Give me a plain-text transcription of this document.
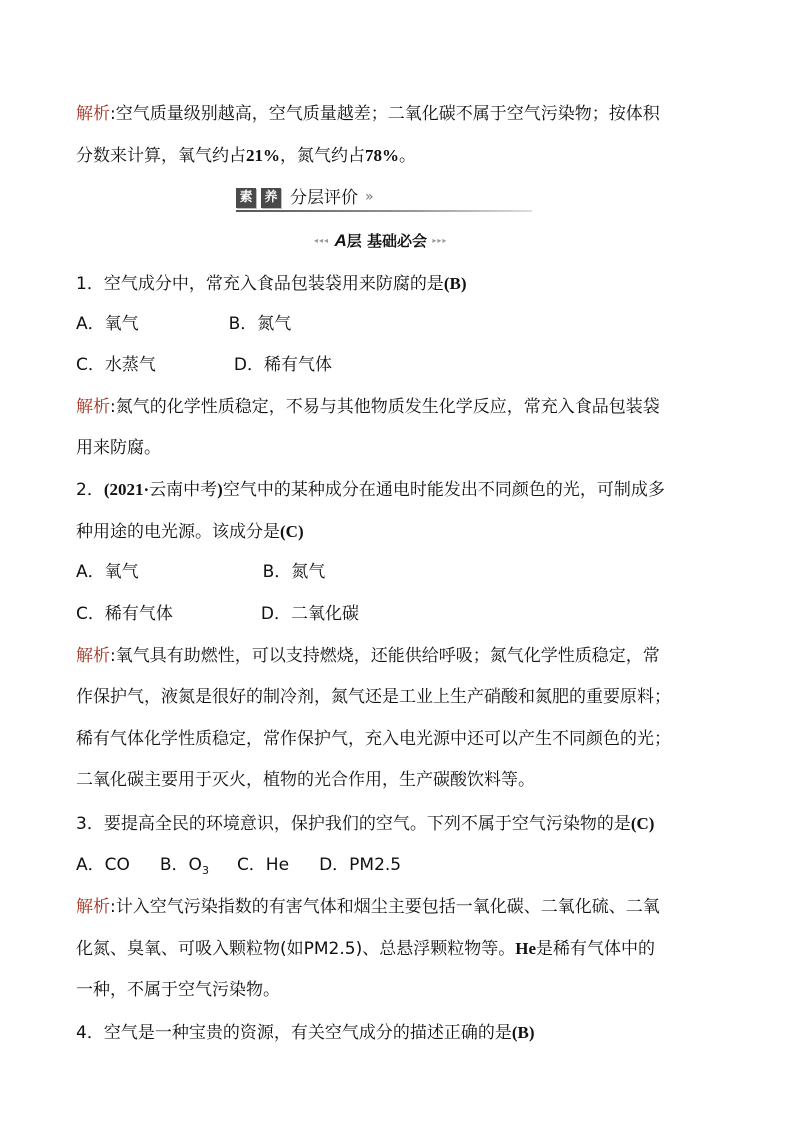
解析:空气质量级别越高，空气质量越差；二氧化碳不属于空气污染物；按体积
分数来计算，氧气约占21%，氮气约占78%。
素 养 分层评价 »
◂◂◂ A层 基础必会 ▸▸▸
1．空气成分中，常充入食品包装袋用来防腐的是(B)
A．氧气	B．氮气
C．水蒸气	D．稀有气体
解析:氮气的化学性质稳定，不易与其他物质发生化学反应，常充入食品包装袋
用来防腐。
2．(2021·云南中考)空气中的某种成分在通电时能发出不同颜色的光，可制成多
种用途的电光源。该成分是(C)
A．氧气	B．氮气
C．稀有气体	D．二氧化碳
解析:氧气具有助燃性，可以支持燃烧，还能供给呼吸；氮气化学性质稳定，常
作保护气，液氮是很好的制冷剂，氮气还是工业上生产硝酸和氮肥的重要原料；
稀有气体化学性质稳定，常作保护气，充入电光源中还可以产生不同颜色的光；
二氧化碳主要用于灭火，植物的光合作用，生产碳酸饮料等。
3．要提高全民的环境意识，保护我们的空气。下列不属于空气污染物的是(C)
A．CO B．$O_3$ C．He D．PM2.5
解析:计入空气污染指数的有害气体和烟尘主要包括一氧化碳、二氧化硫、二氧
化氮、臭氧、可吸入颗粒物(如PM2.5)、总悬浮颗粒物等。He是稀有气体中的
一种，不属于空气污染物。
4．空气是一种宝贵的资源，有关空气成分的描述正确的是(B)
